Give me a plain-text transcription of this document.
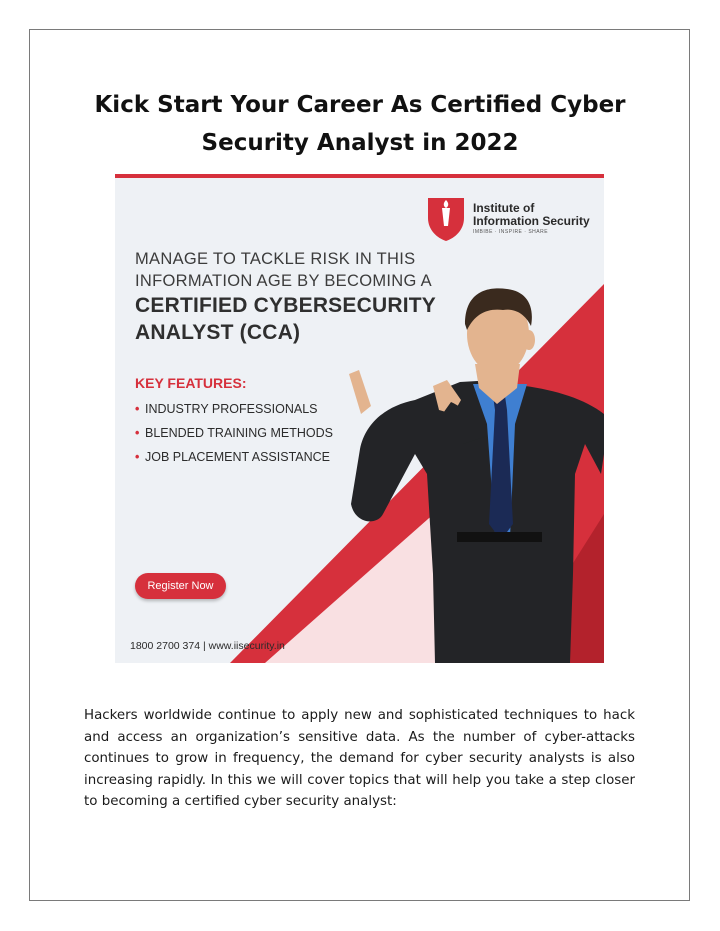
Kick Start Your Career As Certified Cyber
Security Analyst in 2022
Institute of
Information Security
IMBIBE · INSPIRE · SHARE
MANAGE TO TACKLE RISK IN THIS
INFORMATION AGE BY BECOMING A
CERTIFIED CYBERSECURITY
ANALYST (CCA)
KEY FEATURES:
• INDUSTRY PROFESSIONALS
• BLENDED TRAINING METHODS
• JOB PLACEMENT ASSISTANCE
Register Now
1800 2700 374 | www.iisecurity.in

Hackers worldwide continue to apply new and sophisticated techniques to hack and access an organization’s sensitive data. As the number of cyber-attacks continues to grow in frequency, the demand for cyber security analysts is also increasing rapidly. In this we will cover topics that will help you take a step closer to becoming a certified cyber security analyst:
